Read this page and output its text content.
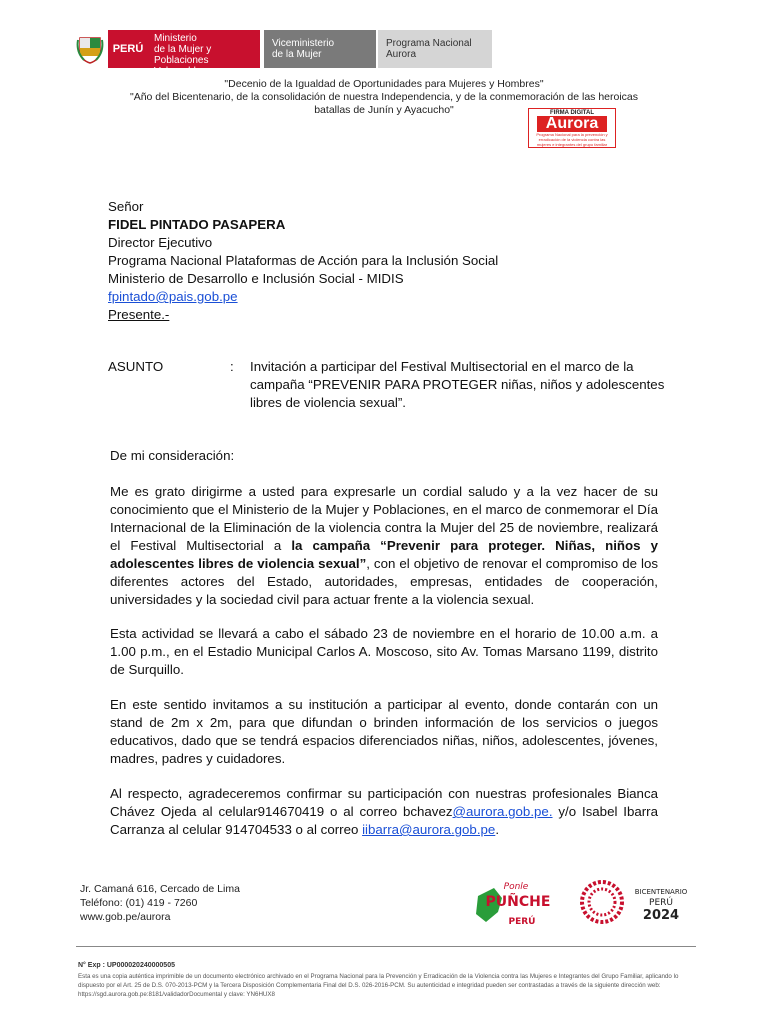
PERÚ
Ministerio
de la Mujer y
Poblaciones Vulnerables
Viceministerio
de la Mujer
Programa Nacional
Aurora
"Decenio de la Igualdad de Oportunidades para Mujeres y Hombres"
"Año del Bicentenario, de la consolidación de nuestra Independencia, y de la conmemoración de las heroicas
batallas de Junín y Ayacucho"	FIRMA DIGITAL
Aurora
Programa Nacional para la prevención y erradicación de la violencia contra las mujeres e integrantes del grupo familiar
Señor
FIDEL PINTADO PASAPERA
Director Ejecutivo
Programa Nacional Plataformas de Acción para la Inclusión Social
Ministerio de Desarrollo e Inclusión Social - MIDIS
fpintado@pais.gob.pe
Presente.-
ASUNTO	: Invitación a participar del Festival Multisectorial en el marco de la
campaña “PREVENIR PARA PROTEGER niñas, niños y adolescentes
libres de violencia sexual”.
De mi consideración:
Me es grato dirigirme a usted para expresarle un cordial saludo y a la vez hacer de su conocimiento que el Ministerio de la Mujer y Poblaciones, en el marco de conmemorar el Día Internacional de la Eliminación de la violencia contra la Mujer del 25 de noviembre, realizará el Festival Multisectorial a la campaña “Prevenir para proteger. Niñas, niños y adolescentes libres de violencia sexual”, con el objetivo de renovar el compromiso de los diferentes actores del Estado, autoridades, empresas, entidades de cooperación, universidades y la sociedad civil para actuar frente a la violencia sexual.
Esta actividad se llevará a cabo el sábado 23 de noviembre en el horario de 10.00 a.m. a 1.00 p.m., en el Estadio Municipal Carlos A. Moscoso, sito Av. Tomas Marsano 1199, distrito de Surquillo.
En este sentido invitamos a su institución a participar al evento, donde contarán con un stand de 2m x 2m, para que difundan o brinden información de los servicios o juegos educativos, dado que se tendrá espacios diferenciados niñas, niños, adolescentes, jóvenes, madres, padres y cuidadores.
Al respecto, agradeceremos confirmar su participación con nuestras profesionales Bianca Chávez Ojeda al celular914670419 o al correo bchavez@aurora.gob.pe. y/o Isabel Ibarra Carranza al celular 914704533 o al correo iibarra@aurora.gob.pe.
Jr. Camaná 616, Cercado de Lima
Teléfono: (01) 419 - 7260
www.gob.pe/aurora
Ponle
PUÑCHE
PERÚ
BICENTENARIO
PERÚ
2024
N° Exp : UP000020240000505
Esta es una copia auténtica imprimible de un documento electrónico archivado en el Programa Nacional para la Prevención y Erradicación de la Violencia contra las Mujeres e Integrantes del Grupo Familiar, aplicando lo dispuesto por el Art. 25 de D.S. 070-2013-PCM y la Tercera Disposición Complementaria Final del D.S. 026-2016-PCM. Su autenticidad e integridad pueden ser contrastadas a través de la siguiente dirección web: https://sgd.aurora.gob.pe:8181/validadorDocumental y clave: YN6HUX8
